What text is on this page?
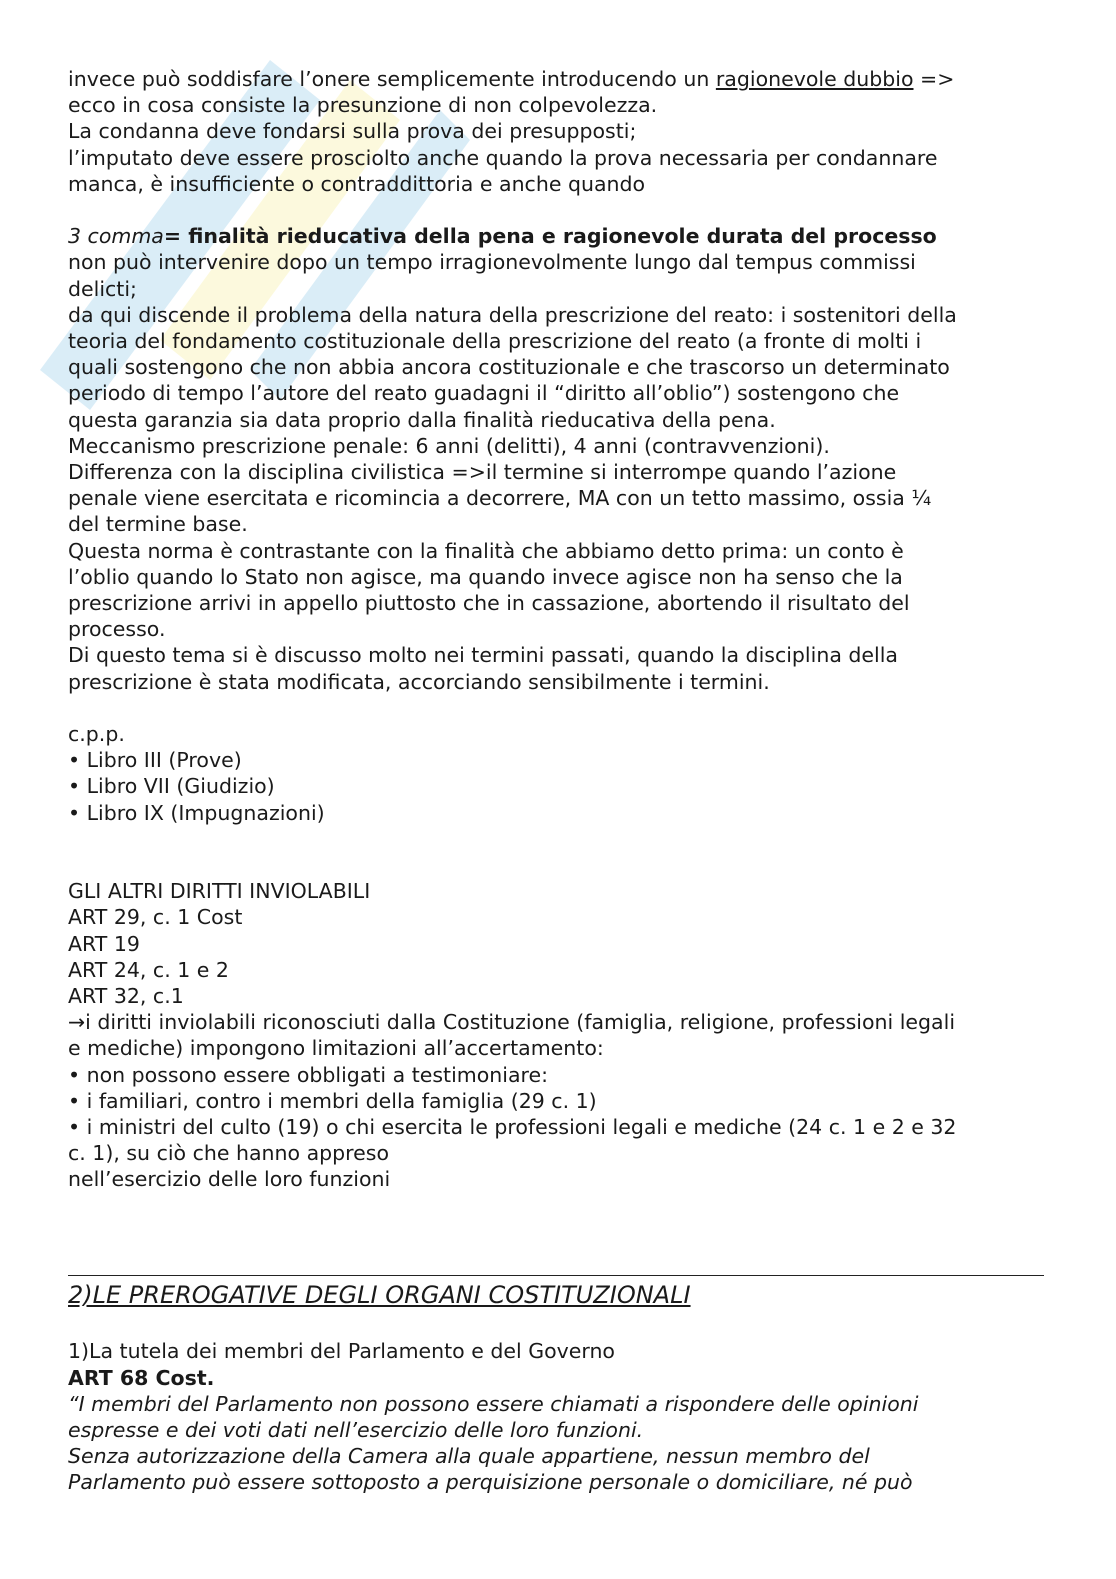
invece può soddisfare l’onere semplicemente introducendo un ragionevole dubbio =>
ecco in cosa consiste la presunzione di non colpevolezza.
La condanna deve fondarsi sulla prova dei presupposti;
l’imputato deve essere prosciolto anche quando la prova necessaria per condannare
manca, è insufficiente o contraddittoria e anche quando
3 comma= finalità rieducativa della pena e ragionevole durata del processo
non può intervenire dopo un tempo irragionevolmente lungo dal tempus commissi
delicti;
da qui discende il problema della natura della prescrizione del reato: i sostenitori della
teoria del fondamento costituzionale della prescrizione del reato (a fronte di molti i
quali sostengono che non abbia ancora costituzionale e che trascorso un determinato
periodo di tempo l’autore del reato guadagni il “diritto all’oblio”) sostengono che
questa garanzia sia data proprio dalla finalità rieducativa della pena.
Meccanismo prescrizione penale: 6 anni (delitti), 4 anni (contravvenzioni).
Differenza con la disciplina civilistica =>il termine si interrompe quando l’azione
penale viene esercitata e ricomincia a decorrere, MA con un tetto massimo, ossia ¼
del termine base.
Questa norma è contrastante con la finalità che abbiamo detto prima: un conto è
l’oblio quando lo Stato non agisce, ma quando invece agisce non ha senso che la
prescrizione arrivi in appello piuttosto che in cassazione, abortendo il risultato del
processo.
Di questo tema si è discusso molto nei termini passati, quando la disciplina della
prescrizione è stata modificata, accorciando sensibilmente i termini.
c.p.p.
• Libro III (Prove)
• Libro VII (Giudizio)
• Libro IX (Impugnazioni)
GLI ALTRI DIRITTI INVIOLABILI
ART 29, c. 1 Cost
ART 19
ART 24, c. 1 e 2
ART 32, c.1
→i diritti inviolabili riconosciuti dalla Costituzione (famiglia, religione, professioni legali
e mediche) impongono limitazioni all’accertamento:
• non possono essere obbligati a testimoniare:
• i familiari, contro i membri della famiglia (29 c. 1)
• i ministri del culto (19) o chi esercita le professioni legali e mediche (24 c. 1 e 2 e 32
c. 1), su ciò che hanno appreso
nell’esercizio delle loro funzioni
2)LE PREROGATIVE DEGLI ORGANI COSTITUZIONALI
1)La tutela dei membri del Parlamento e del Governo
ART 68 Cost.
“I membri del Parlamento non possono essere chiamati a rispondere delle opinioni
espresse e dei voti dati nell’esercizio delle loro funzioni.
Senza autorizzazione della Camera alla quale appartiene, nessun membro del
Parlamento può essere sottoposto a perquisizione personale o domiciliare, né può
